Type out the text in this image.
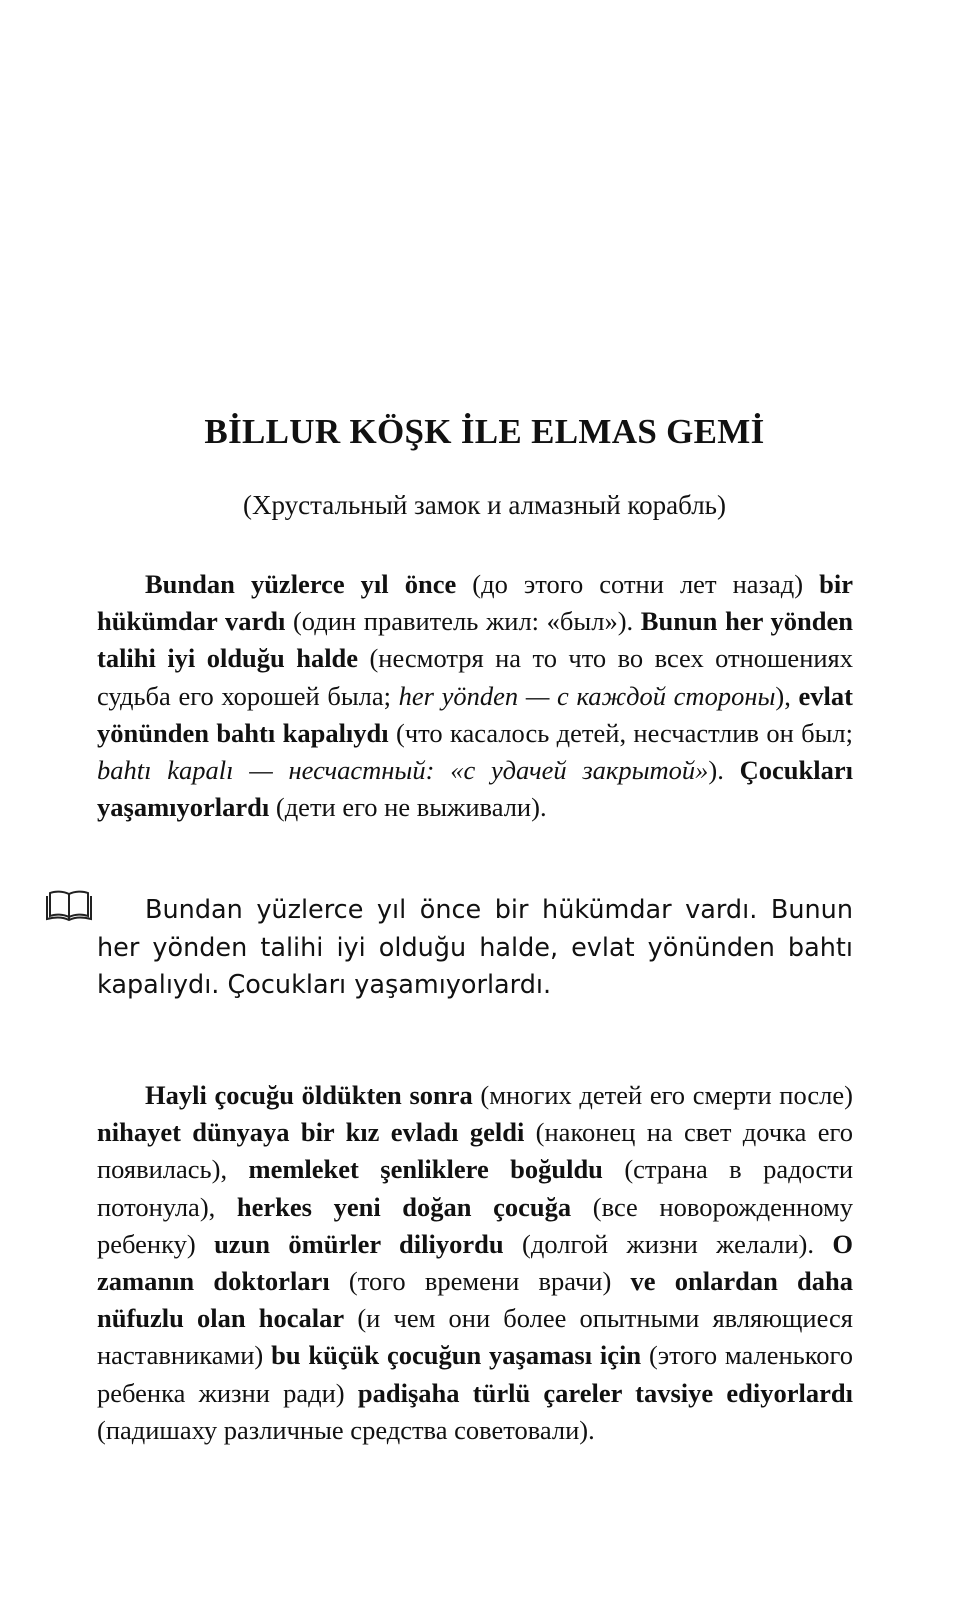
BİLLUR KÖŞK İLE ELMAS GEMİ
(Хрустальный замок и алмазный корабль)
Bundan yüzlerce yıl önce (до этого сотни лет назад) bir hükümdar vardı (один правитель жил: «был»). Bunun her yönden talihi iyi olduğu halde (несмотря на то что во всех отношениях судьба его хорошей была; her yönden — с каждой стороны), evlat yönünden bahtı kapalıydı (что касалось детей, несчастлив он был; bahtı kapalı — несчастный: «с удачей закрытой»). Çocukları yaşamıyorlardı (дети его не выживали).
Bundan yüzlerce yıl önce bir hükümdar vardı. Bunun her yönden talihi iyi olduğu halde, evlat yönünden bahtı kapalıydı. Çocukları yaşamıyorlardı.
Hayli çocuğu öldükten sonra (многих детей его смерти после) nihayet dünyaya bir kız evladı geldi (наконец на свет дочка его появилась), memleket şenliklere boğuldu (страна в радости потонула), herkes yeni doğan çocuğa (все новорожденному ребенку) uzun ömürler diliyordu (долгой жизни желали). O zamanın doktorları (того времени врачи) ve onlardan daha nüfuzlu olan hocalar (и чем они более опытными являющиеся наставниками) bu küçük çocuğun yaşaması için (этого маленького ребенка жизни ради) padişaha türlü çareler tavsiye ediyorlardı (падишаху различные средства советовали).
